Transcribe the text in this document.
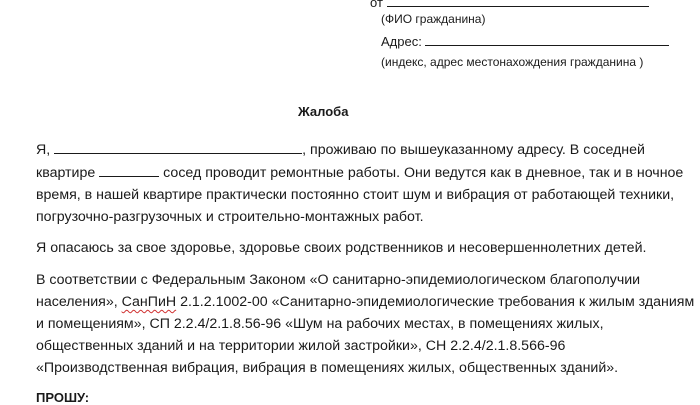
от
(ФИО гражданина)
Адрес:
(индекс, адрес местонахождения гражданина )
Жалоба
Я,	, проживаю по вышеуказанному адресу. В соседней
квартире	сосед проводит ремонтные работы. Они ведутся как в дневное, так и в ночное
время, в нашей квартире практически постоянно стоит шум и вибрация от работающей техники,
погрузочно-разгрузочных и строительно-монтажных работ.
Я опасаюсь за свое здоровье, здоровье своих родственников и несовершеннолетних детей.
В соответствии с Федеральным Законом «О санитарно-эпидемиологическом благополучии
населения», СанПиН 2.1.2.1002-00 «Санитарно-эпидемиологические требования к жилым зданиям
и помещениям», СП 2.2.4/2.1.8.56-96 «Шум на рабочих местах, в помещениях жилых,
общественных зданий и на территории жилой застройки», СН 2.2.4/2.1.8.566-96
«Производственная вибрация, вибрация в помещениях жилых, общественных зданий».
ПРОШУ:
